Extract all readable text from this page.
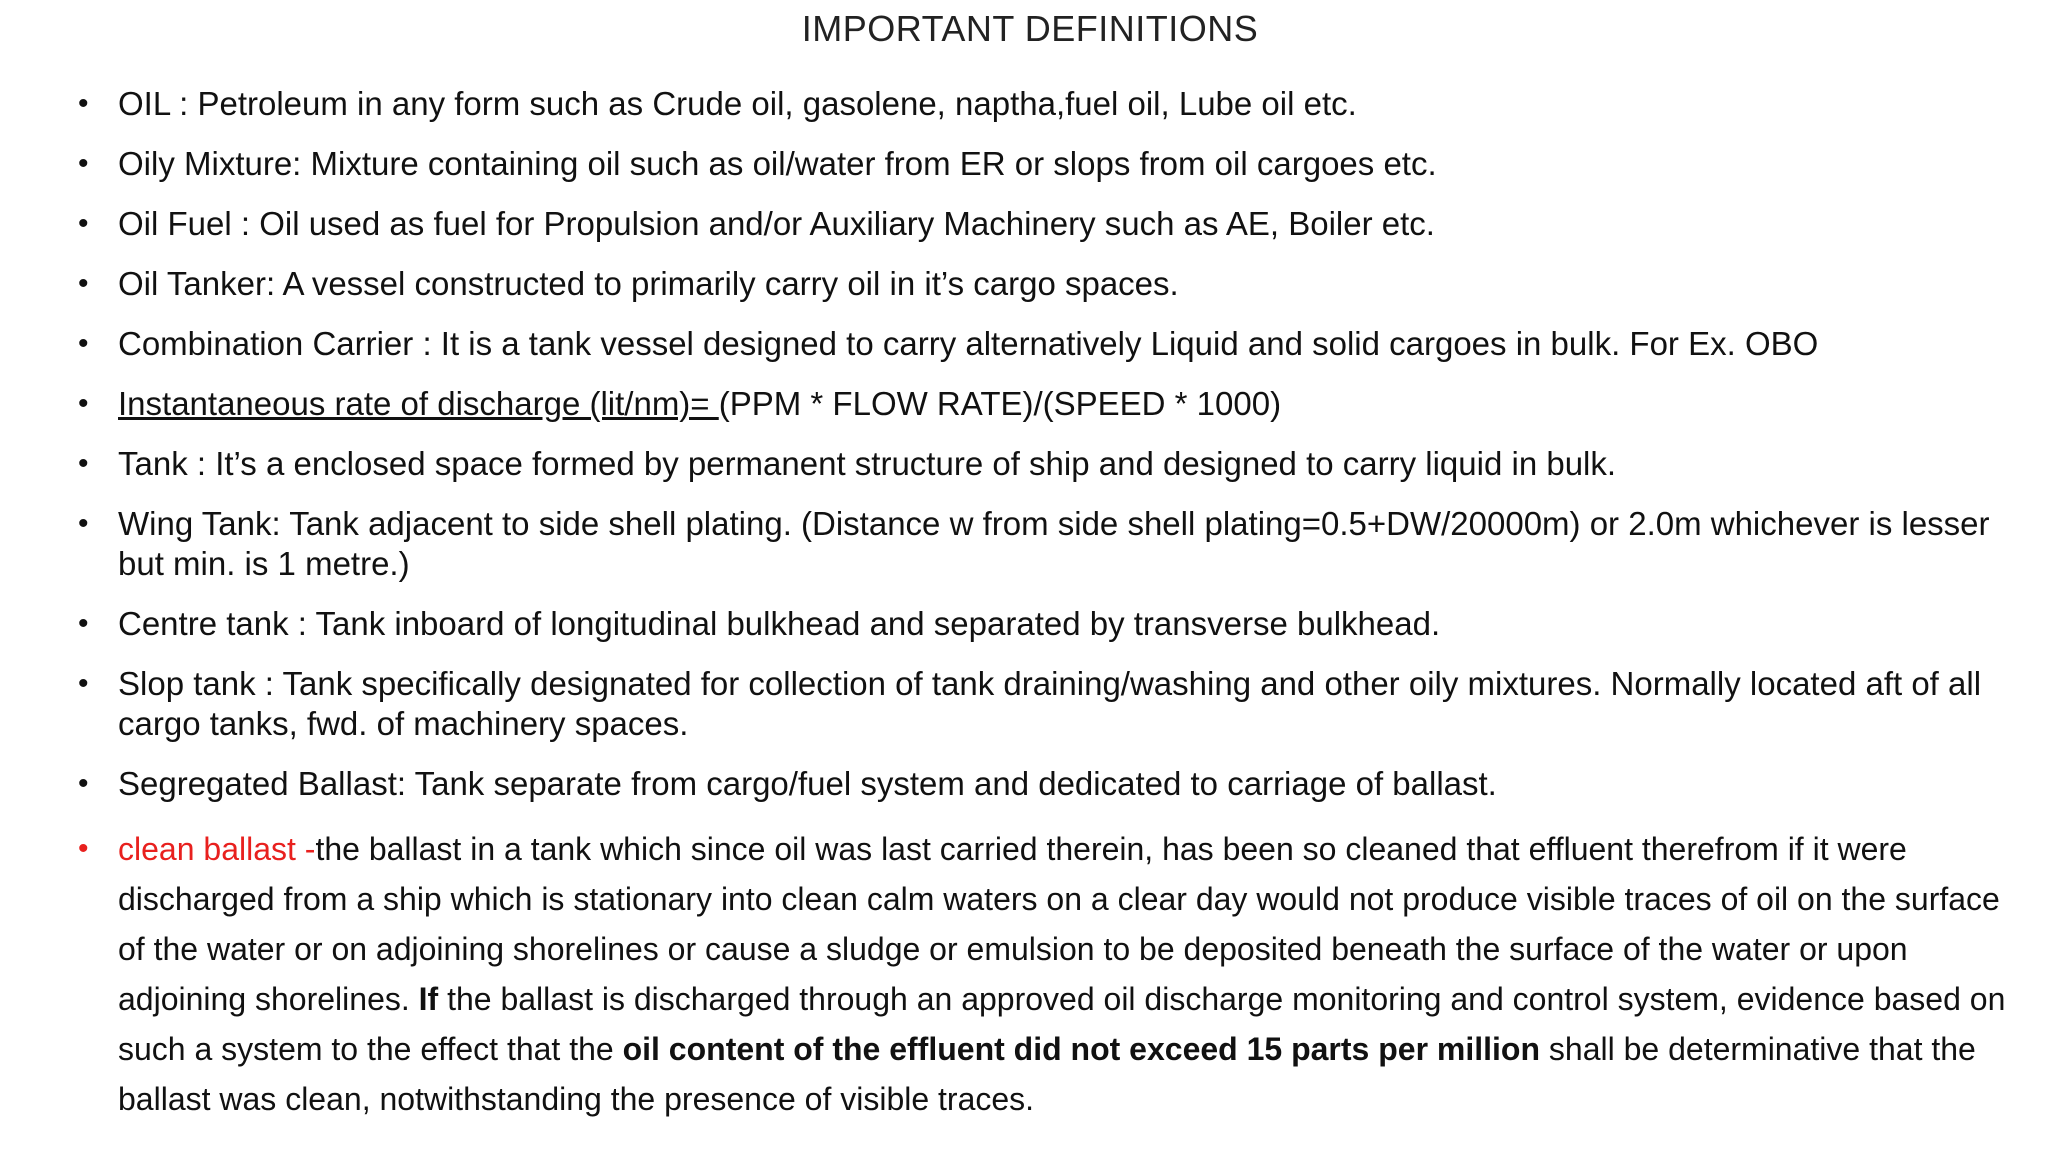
IMPORTANT DEFINITIONS
• OIL : Petroleum in any form such as Crude oil, gasolene, naptha,fuel oil, Lube oil etc.
• Oily Mixture: Mixture containing oil such as oil/water from ER or slops from oil cargoes etc.
• Oil Fuel : Oil used as fuel for Propulsion and/or Auxiliary Machinery such as AE, Boiler etc.
• Oil Tanker: A vessel constructed to primarily carry oil in it’s cargo spaces.
• Combination Carrier : It is a tank vessel designed to carry alternatively Liquid and solid cargoes in bulk. For Ex. OBO
• Instantaneous rate of discharge (lit/nm)= (PPM * FLOW RATE)/(SPEED * 1000)
• Tank : It’s a enclosed space formed by permanent structure of ship and designed to carry liquid in bulk.
• Wing Tank: Tank adjacent to side shell plating. (Distance w from side shell plating=0.5+DW/20000m) or 2.0m whichever is lesser but min. is 1 metre.)
• Centre tank : Tank inboard of longitudinal bulkhead and separated by transverse bulkhead.
• Slop tank : Tank specifically designated for collection of tank draining/washing and other oily mixtures. Normally located aft of all cargo tanks, fwd. of machinery spaces.
• Segregated Ballast: Tank separate from cargo/fuel system and dedicated to carriage of ballast.
• clean ballast -the ballast in a tank which since oil was last carried therein, has been so cleaned that effluent therefrom if it were discharged from a ship which is stationary into clean calm waters on a clear day would not produce visible traces of oil on the surface of the water or on adjoining shorelines or cause a sludge or emulsion to be deposited beneath the surface of the water or upon adjoining shorelines. If the ballast is discharged through an approved oil discharge monitoring and control system, evidence based on such a system to the effect that the oil content of the effluent did not exceed 15 parts per million shall be determinative that the ballast was clean, notwithstanding the presence of visible traces.
